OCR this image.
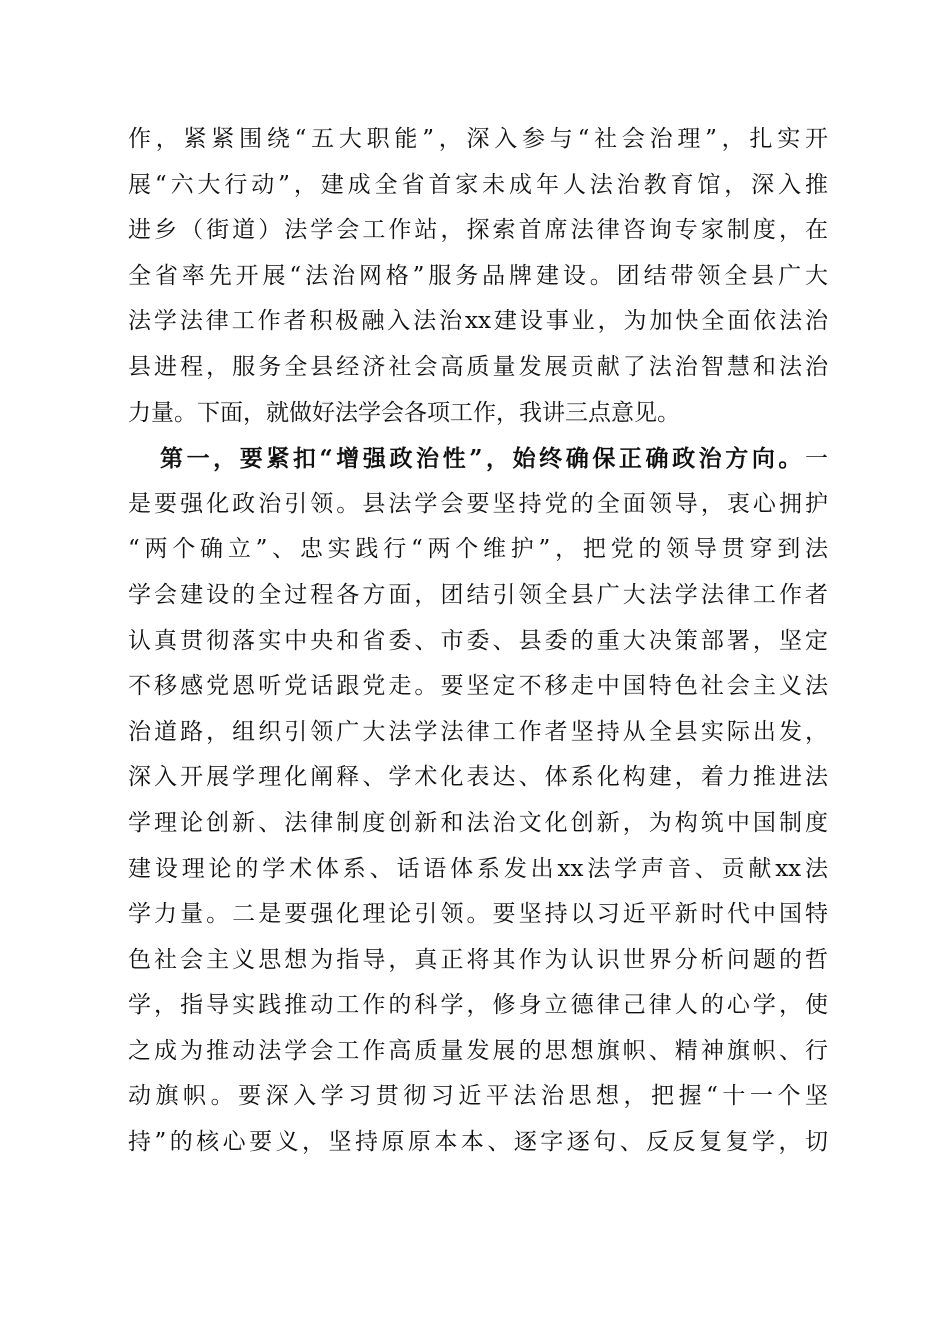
作，紧紧围绕“五大职能”，深入参与“社会治理”，扎实开
展“六大行动”，建成全省首家未成年人法治教育馆，深入推
进乡（街道）法学会工作站，探索首席法律咨询专家制度，在
全省率先开展“法治网格”服务品牌建设。团结带领全县广大
法学法律工作者积极融入法治xx建设事业，为加快全面依法治
县进程，服务全县经济社会高质量发展贡献了法治智慧和法治
力量。下面，就做好法学会各项工作，我讲三点意见。
第一，要紧扣“增强政治性”，始终确保正确政治方向。一
是要强化政治引领。县法学会要坚持党的全面领导，衷心拥护
“两个确立”、忠实践行“两个维护”，把党的领导贯穿到法
学会建设的全过程各方面，团结引领全县广大法学法律工作者
认真贯彻落实中央和省委、市委、县委的重大决策部署，坚定
不移感党恩听党话跟党走。要坚定不移走中国特色社会主义法
治道路，组织引领广大法学法律工作者坚持从全县实际出发，
深入开展学理化阐释、学术化表达、体系化构建，着力推进法
学理论创新、法律制度创新和法治文化创新，为构筑中国制度
建设理论的学术体系、话语体系发出xx法学声音、贡献xx法
学力量。二是要强化理论引领。要坚持以习近平新时代中国特
色社会主义思想为指导，真正将其作为认识世界分析问题的哲
学，指导实践推动工作的科学，修身立德律己律人的心学，使
之成为推动法学会工作高质量发展的思想旗帜、精神旗帜、行
动旗帜。要深入学习贯彻习近平法治思想，把握“十一个坚
持”的核心要义，坚持原原本本、逐字逐句、反反复复学，切
